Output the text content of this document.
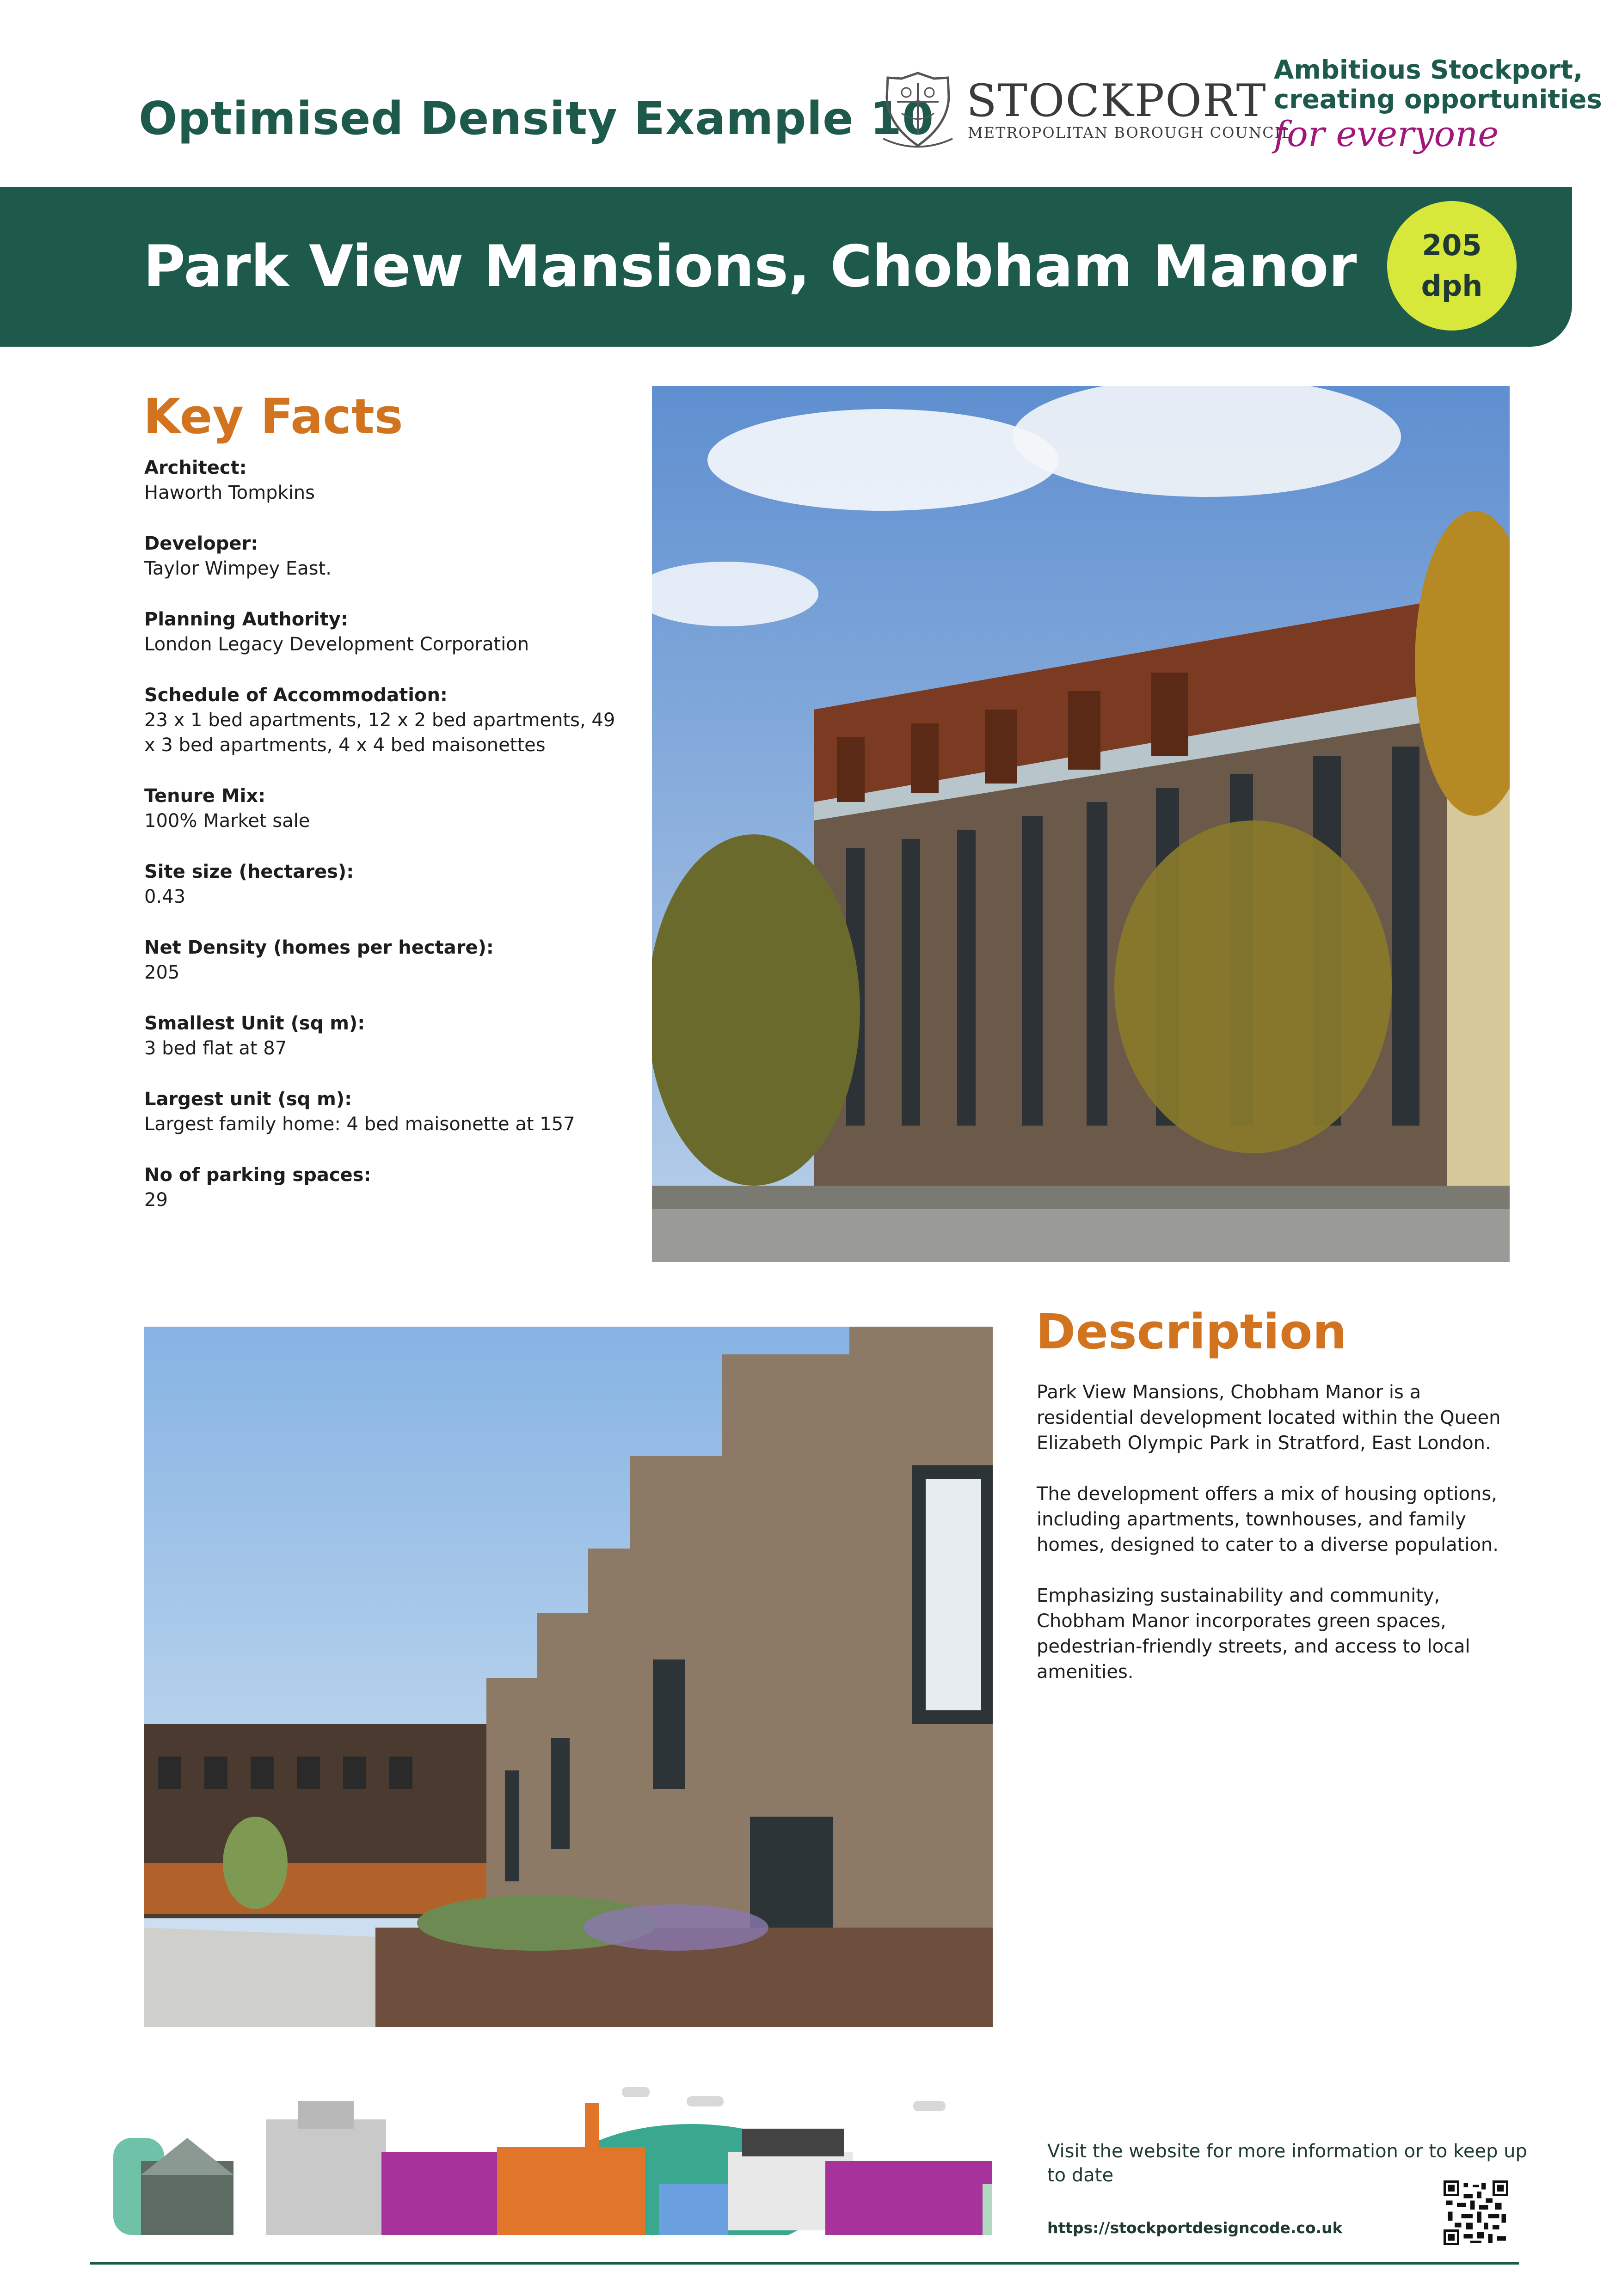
Optimised Density Example 10 STOCKPORT
METROPOLITAN BOROUGH COUNCIL
Ambitious Stockport,
creating opportunities
for everyone
Park View Mansions, Chobham Manor 205
dph
Key Facts
Architect:
Haworth Tompkins
Developer:
Taylor Wimpey East.
Planning Authority:
London Legacy Development Corporation
Schedule of Accommodation:
23 x 1 bed apartments, 12 x 2 bed apartments, 49 x 3 bed apartments, 4 x 4 bed maisonettes
Tenure Mix:
100% Market sale
Site size (hectares):
0.43
Net Density (homes per hectare):
205
Smallest Unit (sq m):
3 bed flat at 87
Largest unit (sq m):
Largest family home: 4 bed maisonette at 157
No of parking spaces:
29
Description

Park View Mansions, Chobham Manor is a residential development located within the Queen Elizabeth Olympic Park in Stratford, East London.

The development offers a mix of housing options, including apartments, townhouses, and family homes, designed to cater to a diverse population.

Emphasizing sustainability and community, Chobham Manor incorporates green spaces, pedestrian-friendly streets, and access to local amenities.

Visit the website for more information or to keep up to date
https://stockportdesigncode.co.uk
